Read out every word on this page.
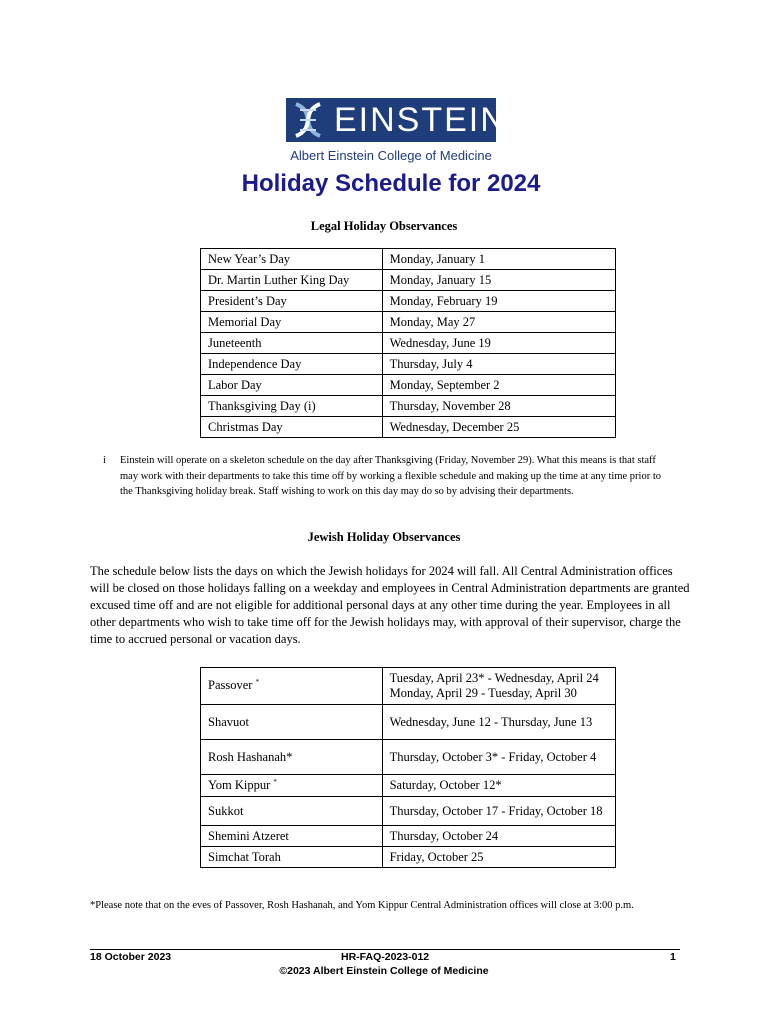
EINSTEIN
Albert Einstein College of Medicine
Holiday Schedule for 2024
Legal Holiday Observances
New Year’s Day	Monday, January 1
Dr. Martin Luther King Day	Monday, January 15
President’s Day	Monday, February 19
Memorial Day	Monday, May 27
Juneteenth	Wednesday, June 19
Independence Day	Thursday, July 4
Labor Day	Monday, September 2
Thanksgiving Day (i)	Thursday, November 28
Christmas Day	Wednesday, December 25
i Einstein will operate on a skeleton schedule on the day after Thanksgiving (Friday, November 29). What this means is that staff may work with their departments to take this time off by working a flexible schedule and making up the time at any time prior to the Thanksgiving holiday break. Staff wishing to work on this day may do so by advising their departments.
Jewish Holiday Observances
The schedule below lists the days on which the Jewish holidays for 2024 will fall. All Central Administration offices will be closed on those holidays falling on a weekday and employees in Central Administration departments are granted excused time off and are not eligible for additional personal days at any other time during the year. Employees in all other departments who wish to take time off for the Jewish holidays may, with approval of their supervisor, charge the time to accrued personal or vacation days.
Passover *	Tuesday, April 23* - Wednesday, April 24
Monday, April 29 - Tuesday, April 30

Shavuot	Wednesday, June 12 - Thursday, June 13

Rosh Hashanah*	Thursday, October 3* - Friday, October 4

Yom Kippur *	Saturday, October 12*

Sukkot	Thursday, October 17 - Friday, October 18

Shemini Atzeret	Thursday, October 24

Simchat Torah	Friday, October 25
*Please note that on the eves of Passover, Rosh Hashanah, and Yom Kippur Central Administration offices will close at 3:00 p.m.
18 October 2023	HR-FAQ-2023-012	1
©2023 Albert Einstein College of Medicine
